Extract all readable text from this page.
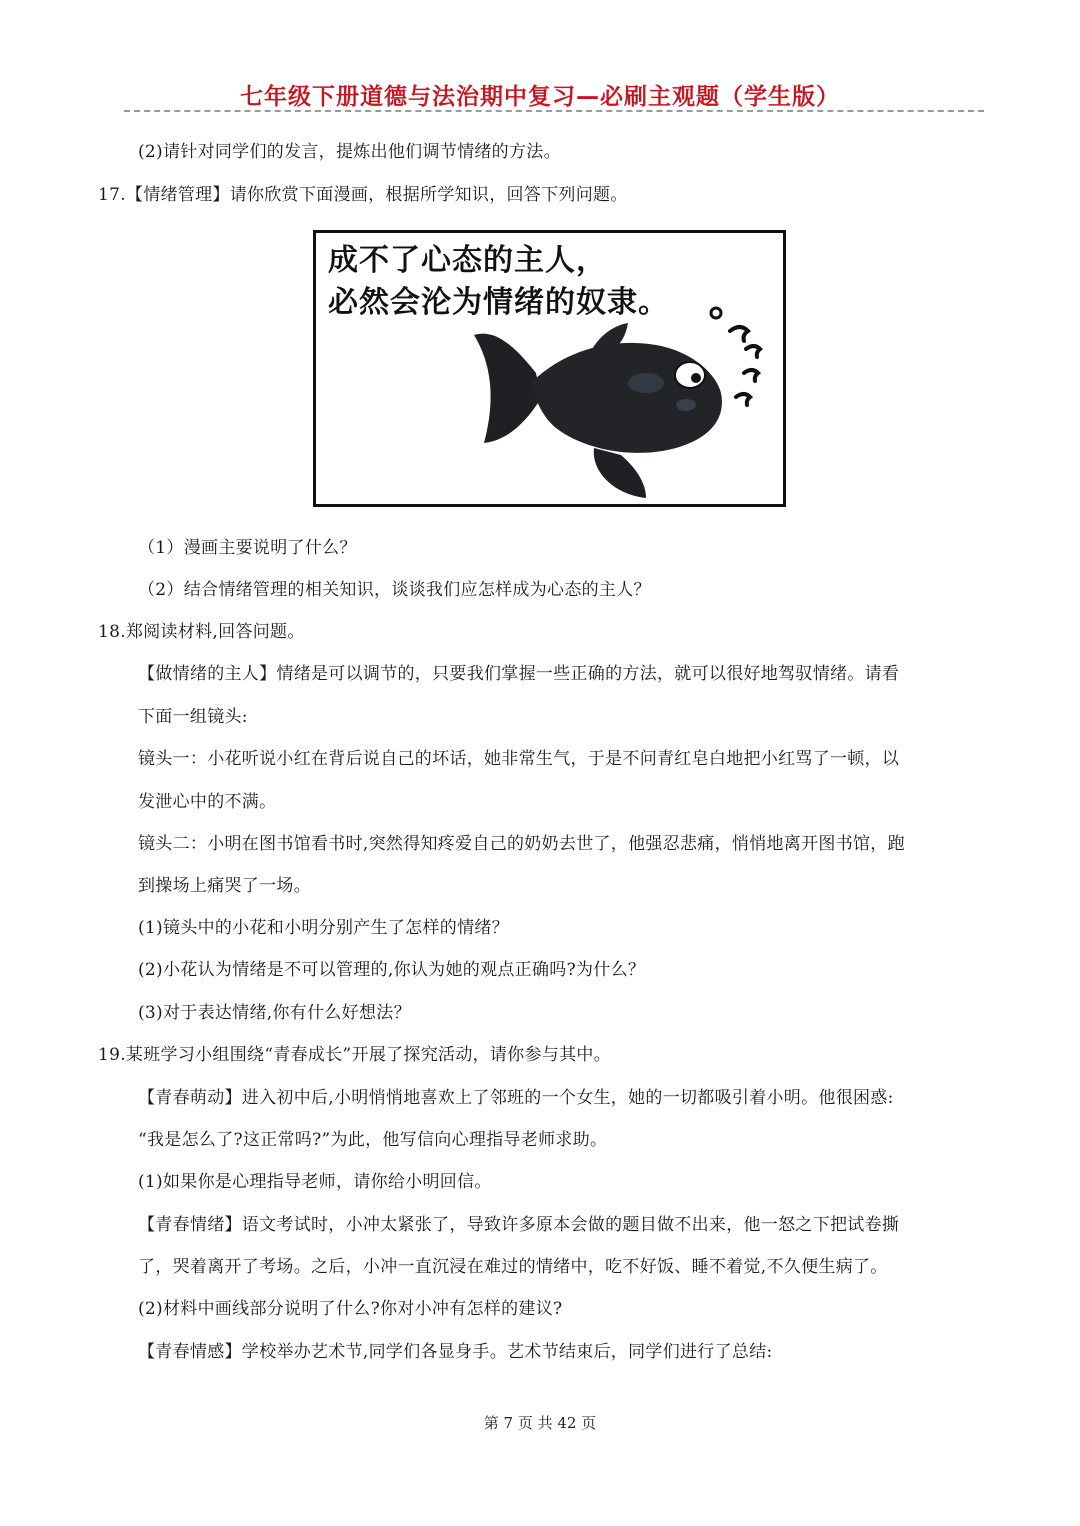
七年级下册道德与法治期中复习—必刷主观题（学生版）
(2)请针对同学们的发言，提炼出他们调节情绪的方法。
17.【情绪管理】请你欣赏下面漫画，根据所学知识，回答下列问题。
成不了心态的主人，
必然会沦为情绪的奴隶。
（1）漫画主要说明了什么？
（2）结合情绪管理的相关知识，谈谈我们应怎样成为心态的主人？
18.郑阅读材料,回答问题。
【做情绪的主人】情绪是可以调节的，只要我们掌握一些正确的方法，就可以很好地驾驭情绪。请看
下面一组镜头:
镜头一：小花听说小红在背后说自己的坏话，她非常生气，于是不问青红皂白地把小红骂了一顿，以
发泄心中的不满。
镜头二：小明在图书馆看书时,突然得知疼爱自己的奶奶去世了，他强忍悲痛，悄悄地离开图书馆，跑
到操场上痛哭了一场。
(1)镜头中的小花和小明分别产生了怎样的情绪？
(2)小花认为情绪是不可以管理的,你认为她的观点正确吗?为什么？
(3)对于表达情绪,你有什么好想法？
19.某班学习小组围绕“青春成长”开展了探究活动，请你参与其中。
【青春萌动】进入初中后,小明悄悄地喜欢上了邻班的一个女生，她的一切都吸引着小明。他很困惑:
“我是怎么了?这正常吗?”为此，他写信向心理指导老师求助。
(1)如果你是心理指导老师，请你给小明回信。
【青春情绪】语文考试时，小冲太紧张了，导致许多原本会做的题目做不出来，他一怒之下把试卷撕
了，哭着离开了考场。之后，小冲一直沉浸在难过的情绪中，吃不好饭、睡不着觉,不久便生病了。
(2)材料中画线部分说明了什么?你对小冲有怎样的建议?
【青春情感】学校举办艺术节,同学们各显身手。艺术节结束后，同学们进行了总结:
第 7 页 共 42 页
